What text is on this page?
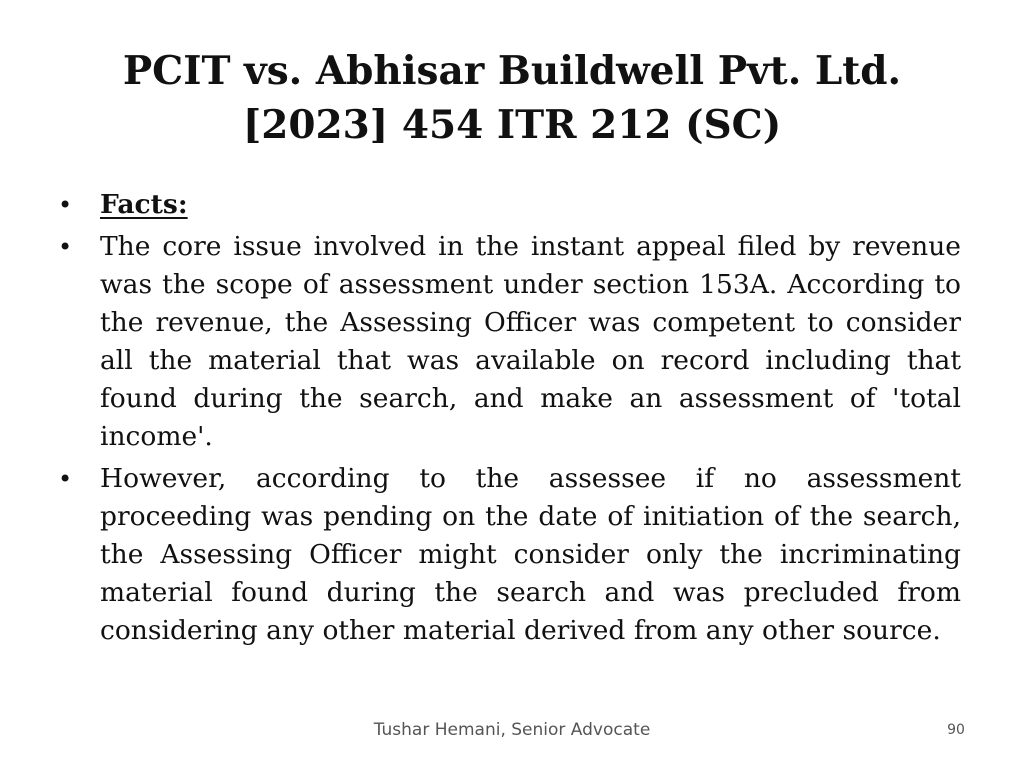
PCIT vs. Abhisar Buildwell Pvt. Ltd.
[2023] 454 ITR 212 (SC)
• Facts:
• The core issue involved in the instant appeal filed by revenue was the scope of assessment under section 153A. According to the revenue, the Assessing Officer was competent to consider all the material that was available on record including that found during the search, and make an assessment of 'total income'.
• However, according to the assessee if no assessment proceeding was pending on the date of initiation of the search, the Assessing Officer might consider only the incriminating material found during the search and was precluded from considering any other material derived from any other source.
Tushar Hemani, Senior Advocate	90
